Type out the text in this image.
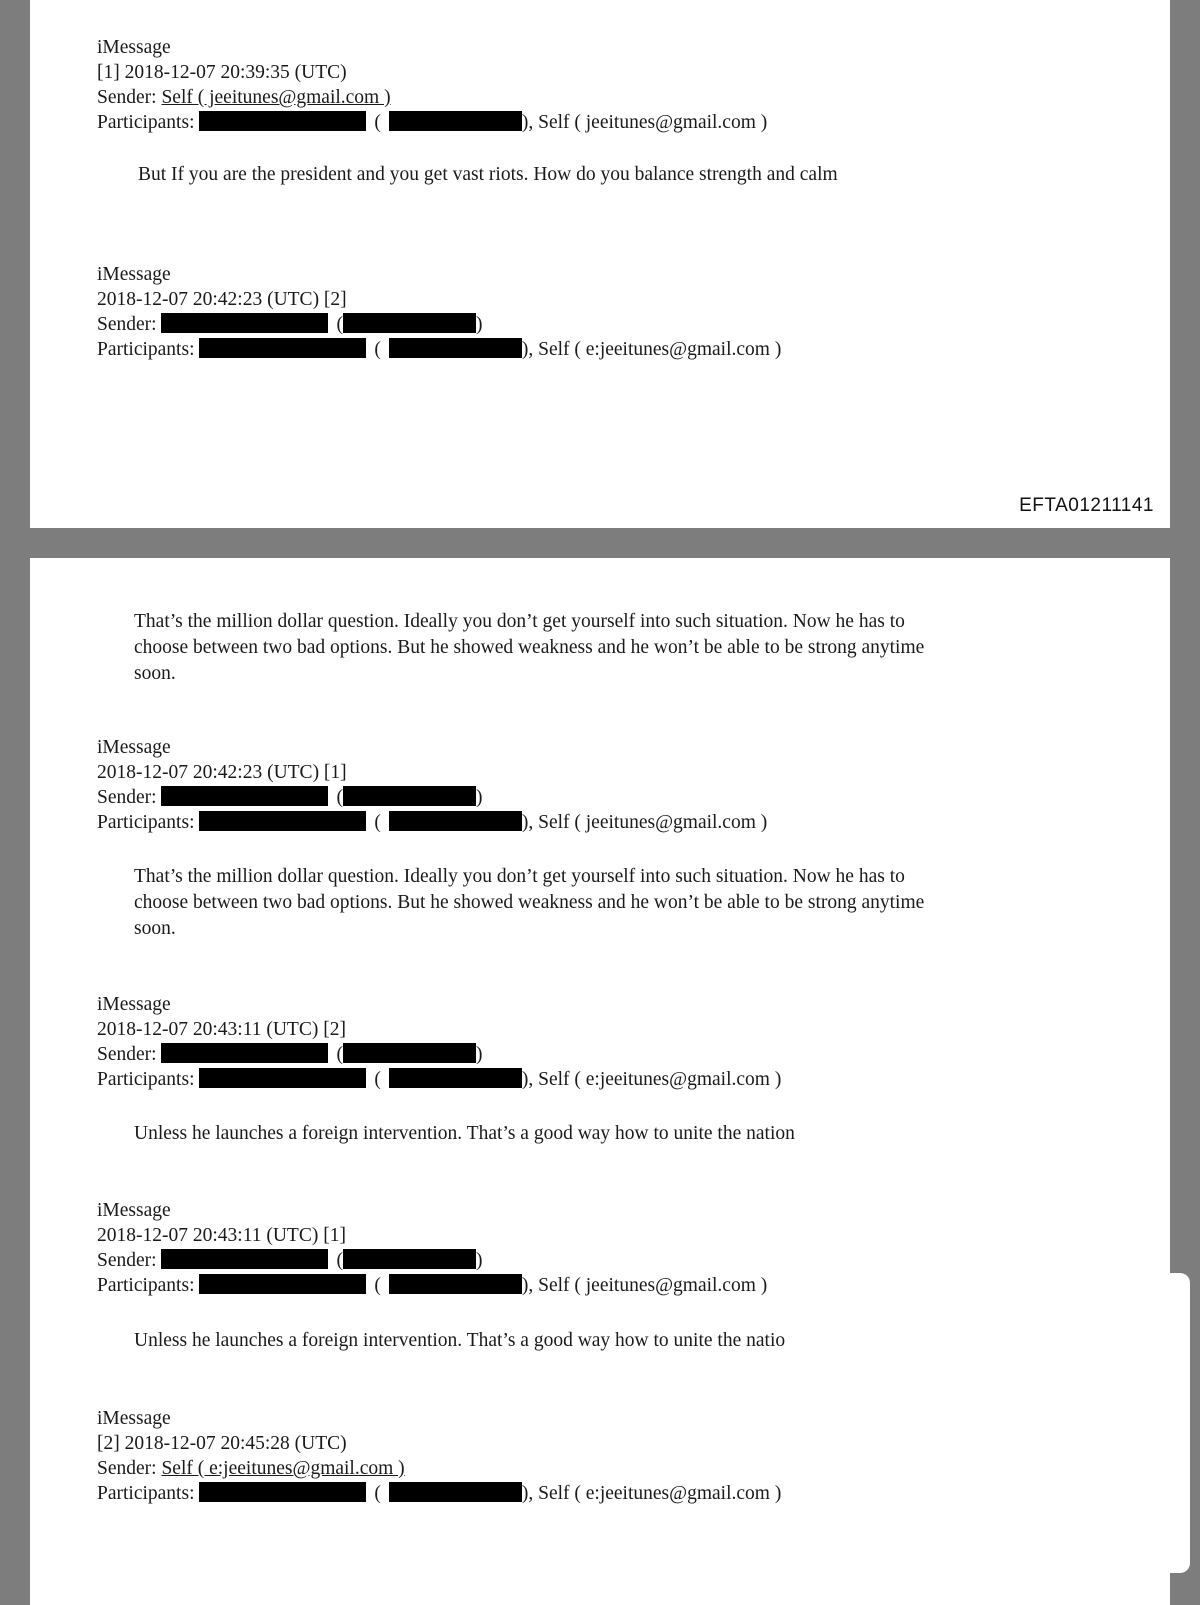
iMessage
[1] 2018-12-07 20:39:35 (UTC)
Sender: Self ( jeeitunes@gmail.com )
Participants:	(	), Self ( jeeitunes@gmail.com )
But If you are the president and you get vast riots. How do you balance strength and calm
iMessage
2018-12-07 20:42:23 (UTC) [2]
Sender:	(	)
Participants:	(	), Self ( e:jeeitunes@gmail.com )
EFTA01211141
That’s the million dollar question. Ideally you don’t get yourself into such situation. Now he has to choose between two bad options. But he showed weakness and he won’t be able to be strong anytime soon.
iMessage
2018-12-07 20:42:23 (UTC) [1]
Sender:	(	)
Participants:	(	), Self ( jeeitunes@gmail.com )
That’s the million dollar question. Ideally you don’t get yourself into such situation. Now he has to choose between two bad options. But he showed weakness and he won’t be able to be strong anytime soon.
iMessage
2018-12-07 20:43:11 (UTC) [2]
Sender:	(	)
Participants:	(	), Self ( e:jeeitunes@gmail.com )
Unless he launches a foreign intervention. That’s a good way how to unite the nation
iMessage
2018-12-07 20:43:11 (UTC) [1]
Sender:	(	)
Participants:	(	), Self ( jeeitunes@gmail.com )
Unless he launches a foreign intervention. That’s a good way how to unite the natio
iMessage
[2] 2018-12-07 20:45:28 (UTC)
Sender: Self ( e:jeeitunes@gmail.com )
Participants:	(	), Self ( e:jeeitunes@gmail.com )
